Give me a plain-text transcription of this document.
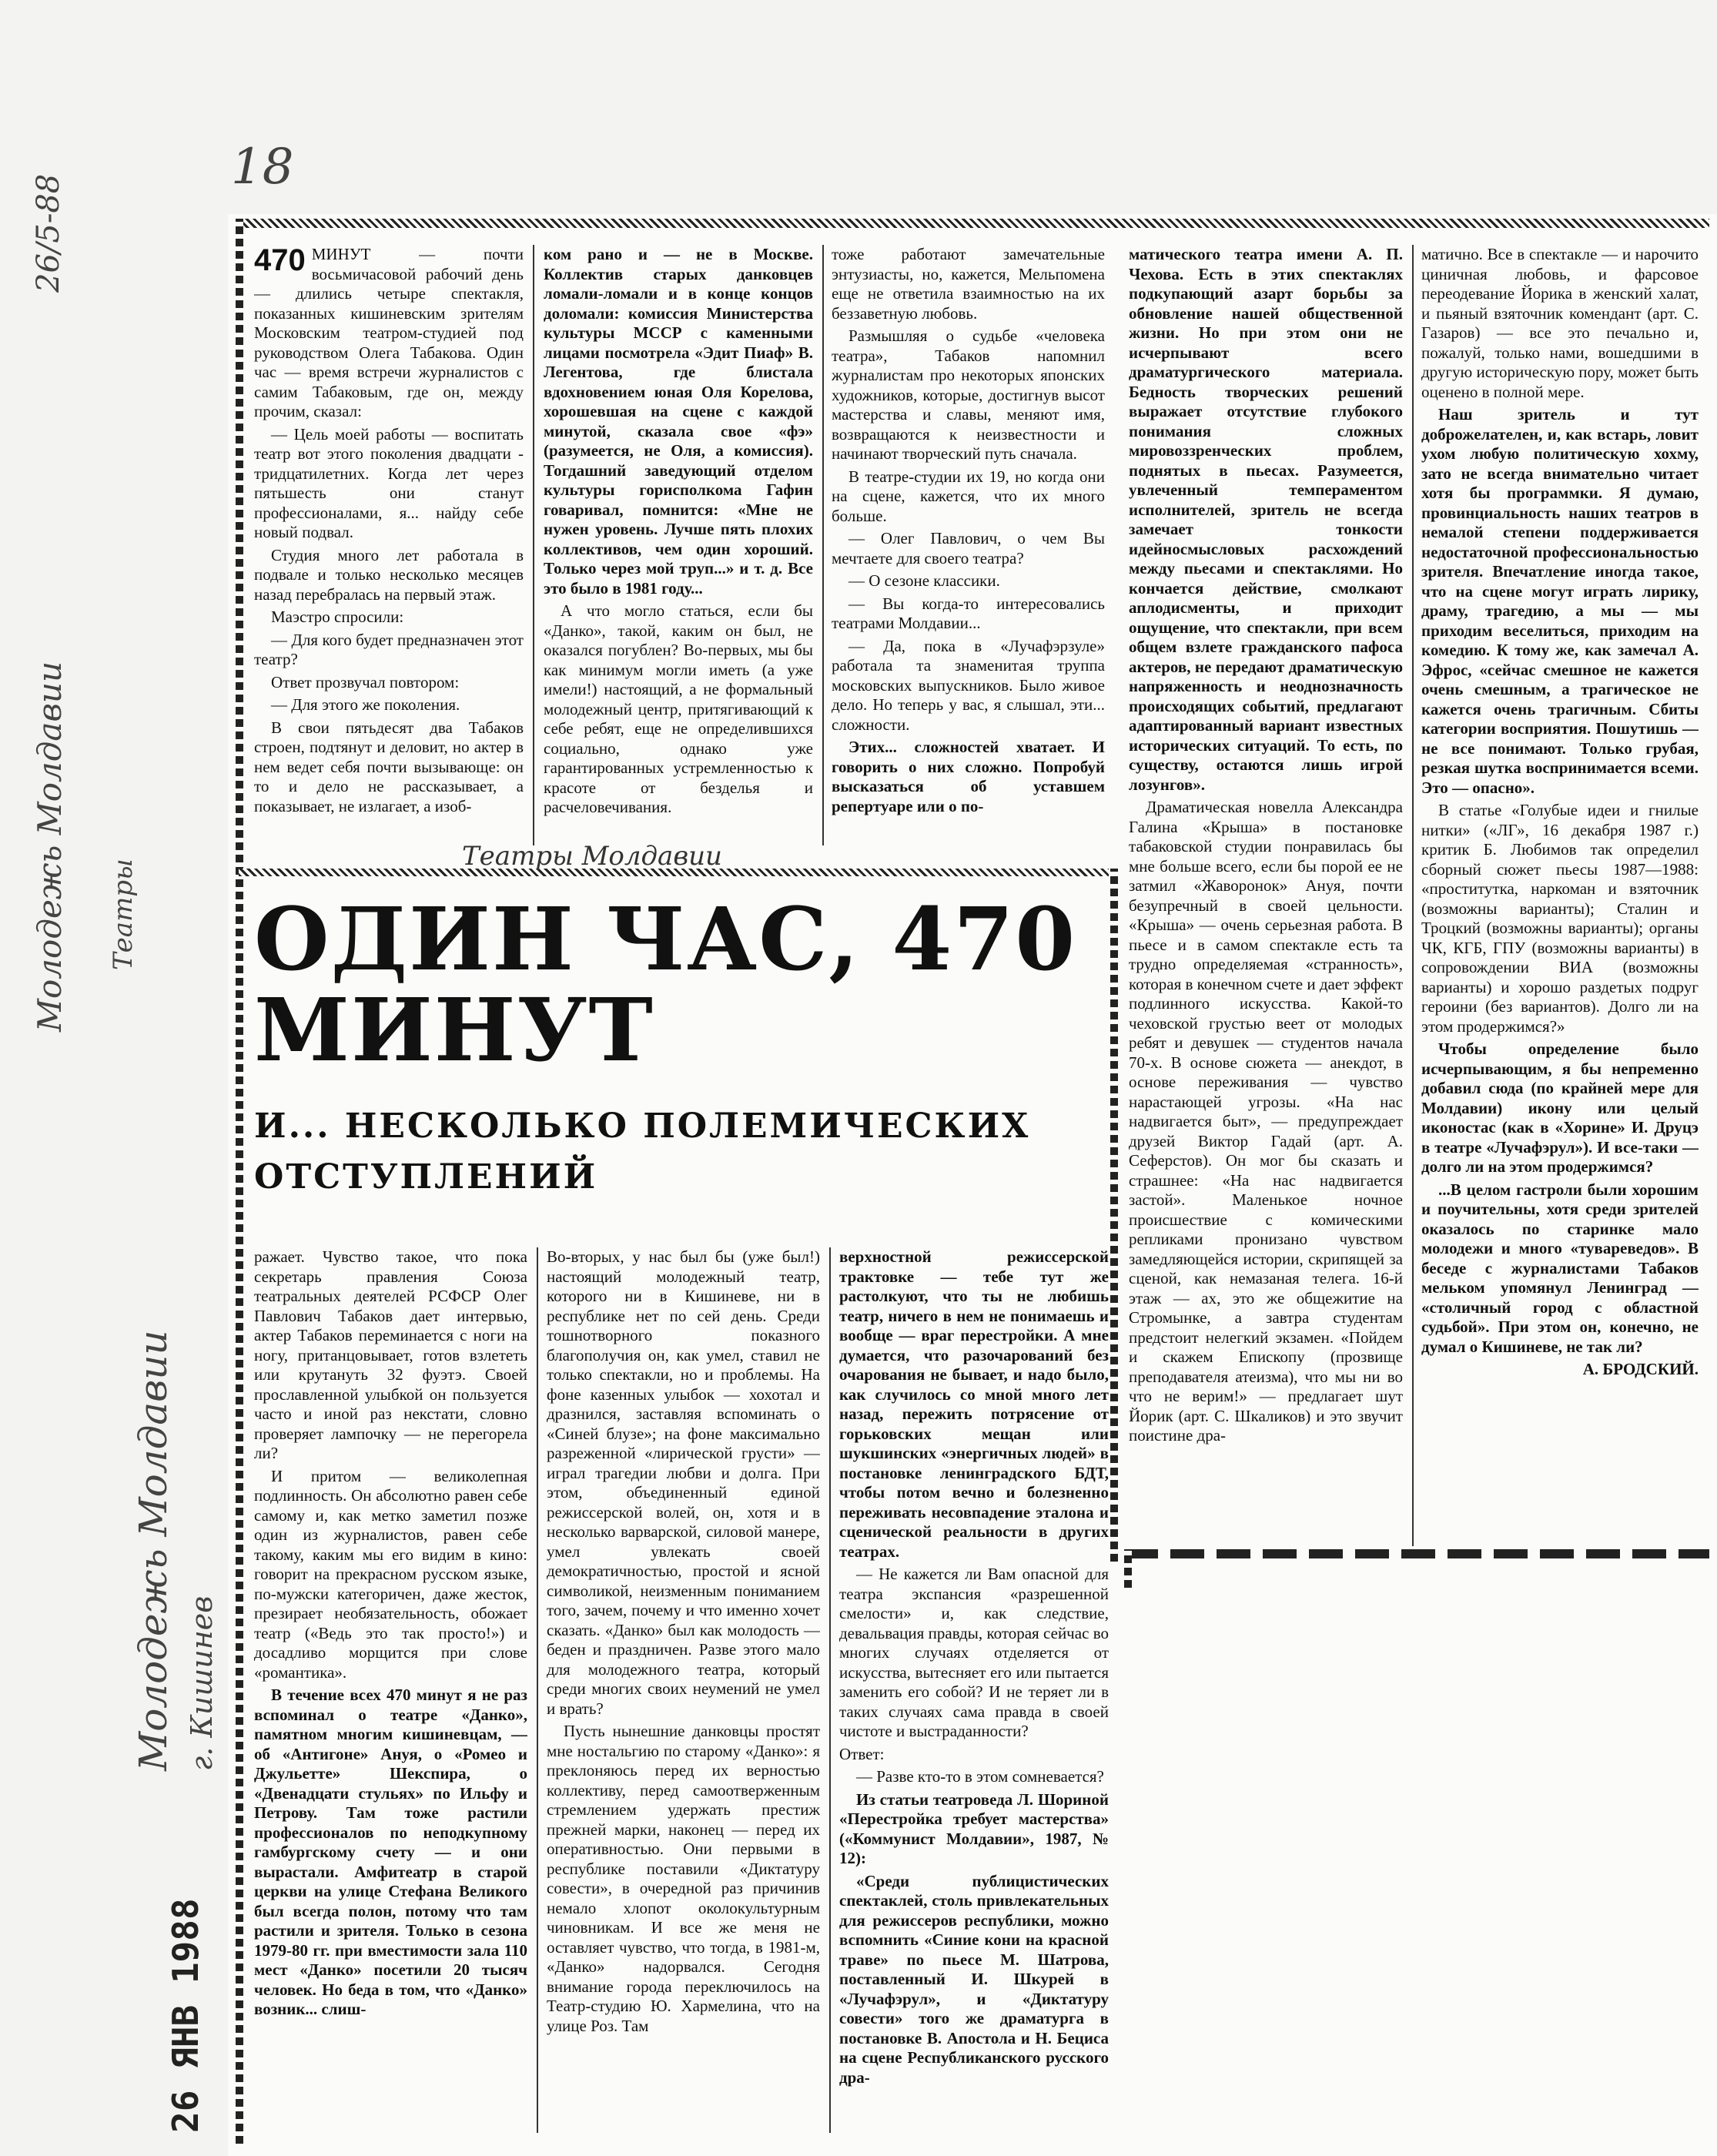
26/5-88
18
Молодежь Молдавии Театры
Молодежь Молдавии г. Кишинев
26 ЯНВ 1988
470 МИНУТ — почти восьмичасовой рабочий день — длились четыре спектакля, показанных кишиневским зрителям Московским театром-студией под руководством Олега Табакова. Один час — время встречи журналистов с самим Табаковым, где он, между прочим, сказал:

— Цель моей работы — воспитать театр вот этого поколения двадцати - тридцатилетних. Когда лет через пятьшесть они станут профессионалами, я... найду себе новый подвал.

Студия много лет работала в подвале и только несколько месяцев назад перебралась на первый этаж.

Маэстро спросили:

— Для кого будет предназначен этот театр?

Ответ прозвучал повтором:

— Для этого же поколения.

В свои пятьдесят два Табаков строен, подтянут и деловит, но актер в нем ведет себя почти вызывающе: он то и дело не рассказывает, а показывает, не излагает, а изоб-

ком рано и — не в Москве. Коллектив старых данковцев ломали-ломали и в конце концов доломали: комиссия Министерства культуры МССР с каменными лицами посмотрела «Эдит Пиаф» В. Легентова, где блистала вдохновением юная Оля Корелова, хорошевшая на сцене с каждой минутой, сказала свое «фэ» (разумеется, не Оля, а комиссия). Тогдашний заведующий отделом культуры горисполкома Гафин говаривал, помнится: «Мне не нужен уровень. Лучше пять плохих коллективов, чем один хороший. Только через мой труп...» и т. д. Все это было в 1981 году...

А что могло статься, если бы «Данко», такой, каким он был, не оказался погублен? Во-первых, мы бы как минимум могли иметь (а уже имели!) настоящий, а не формальный молодежный центр, притягивающий к себе ребят, еще не определившихся социально, однако уже гарантированных устремленностью к красоте от безделья и расчеловечивания.

Театры Молдавии

тоже работают замечательные энтузиасты, но, кажется, Мельпомена еще не ответила взаимностью на их беззаветную любовь.

Размышляя о судьбе «человека театра», Табаков напомнил журналистам про некоторых японских художников, которые, достигнув высот мастерства и славы, меняют имя, возвращаются к неизвестности и начинают творческий путь сначала.

В театре-студии их 19, но когда они на сцене, кажется, что их много больше.

— Олег Павлович, о чем Вы мечтаете для своего театра?

— О сезоне классики.

— Вы когда-то интересовались театрами Молдавии...

— Да, пока в «Лучафэрзуле» работала та знаменитая труппа московских выпускников. Было живое дело. Но теперь у вас, я слышал, эти... сложности.

Этих... сложностей хватает. И говорить о них сложно. Попробуй высказаться об уставшем репертуаре или о по-

матического театра имени А. П. Чехова. Есть в этих спектаклях подкупающий азарт борьбы за обновление нашей общественной жизни. Но при этом они не исчерпывают всего драматургического материала. Бедность творческих решений выражает отсутствие глубокого понимания сложных мировоззренческих проблем, поднятых в пьесах. Разумеется, увлеченный темпераментом исполнителей, зритель не всегда замечает тонкости идейносмысловых расхождений между пьесами и спектаклями. Но кончается действие, смолкают аплодисменты, и приходит ощущение, что спектакли, при всем общем взлете гражданского пафоса актеров, не передают драматическую напряженность и неоднозначность происходящих событий, предлагают адаптированный вариант известных исторических ситуаций. То есть, по существу, остаются лишь игрой лозунгов».

Драматическая новелла Александра Галина «Крыша» в постановке табаковской студии понравилась бы мне больше всего, если бы порой ее не затмил «Жаворонок» Ануя, почти безупречный в своей цельности. «Крыша» — очень серьезная работа. В пьесе и в самом спектакле есть та трудно определяемая «странность», которая в конечном счете и дает эффект подлинного искусства. Какой-то чеховской грустью веет от молодых ребят и девушек — студентов начала 70-х. В основе сюжета — анекдот, в основе переживания — чувство нарастающей угрозы. «На нас надвигается быт», — предупреждает друзей Виктор Гадай (арт. А. Сеферстов). Он мог бы сказать и страшнее: «На нас надвигается застой». Маленькое ночное происшествие с комическими репликами пронизано чувством замедляющейся истории, скрипящей за сценой, как немазаная телега. 16-й этаж — ах, это же общежитие на Стромынке, а завтра студентам предстоит нелегкий экзамен. «Пойдем и скажем Епископу (прозвище преподавателя атеизма), что мы ни во что не верим!» — предлагает шут Йорик (арт. С. Шкаликов) и это звучит поистине дра-

матично. Все в спектакле — и нарочито циничная любовь, и фарсовое переодевание Йорика в женский халат, и пьяный взяточник комендант (арт. С. Газаров) — все это печально и, пожалуй, только нами, вошедшими в другую историческую пору, может быть оценено в полной мере.

Наш зритель и тут доброжелателен, и, как встарь, ловит ухом любую политическую хохму, зато не всегда внимательно читает хотя бы программки. Я думаю, провинциальность наших театров в немалой степени поддерживается недостаточной профессиональностью зрителя. Впечатление иногда такое, что на сцене могут играть лирику, драму, трагедию, а мы — мы приходим веселиться, приходим на комедию. К тому же, как замечал А. Эфрос, «сейчас смешное не кажется очень смешным, а трагическое не кажется очень трагичным. Сбиты категории восприятия. Пошутишь — не все понимают. Только грубая, резкая шутка воспринимается всеми. Это — опасно».

В статье «Голубые идеи и гнилые нитки» («ЛГ», 16 декабря 1987 г.) критик Б. Любимов так определил сборный сюжет пьесы 1987—1988: «проститутка, наркоман и взяточник (возможны варианты); Сталин и Троцкий (возможны варианты); органы ЧК, КГБ, ГПУ (возможны варианты) в сопровождении ВИА (возможны варианты) и хорошо раздетых подруг героини (без вариантов). Долго ли на этом продержимся?»

Чтобы определение было исчерпывающим, я бы непременно добавил сюда (по крайней мере для Молдавии) икону или целый иконостас (как в «Хорине» И. Друцэ в театре «Лучафэрул»). И все-таки — долго ли на этом продержимся?

...В целом гастроли были хорошим и поучительны, хотя среди зрителей оказалось по старинке мало молодежи и много «тувареведов». В беседе с журналистами Табаков мельком упомянул Ленинград — «столичный город с областной судьбой». При этом он, конечно, не думал о Кишиневе, не так ли?

А. БРОДСКИЙ.

ОДИН ЧАС, 470 МИНУТ
И... НЕСКОЛЬКО ПОЛЕМИЧЕСКИХ ОТСТУПЛЕНИЙ

ражает. Чувство такое, что пока секретарь правления Союза театральных деятелей РСФСР Олег Павлович Табаков дает интервью, актер Табаков переминается с ноги на ногу, пританцовывает, готов взлететь или крутануть 32 фуэтэ. Своей прославленной улыбкой он пользуется часто и иной раз некстати, словно проверяет лампочку — не перегорела ли?

И притом — великолепная подлинность. Он абсолютно равен себе самому и, как метко заметил позже один из журналистов, равен себе такому, каким мы его видим в кино: говорит на прекрасном русском языке, по-мужски категоричен, даже жесток, презирает необязательность, обожает театр («Ведь это так просто!») и досадливо морщится при слове «романтика».

В течение всех 470 минут я не раз вспоминал о театре «Данко», памятном многим кишиневцам, — об «Антигоне» Ануя, о «Ромео и Джульетте» Шекспира, о «Двенадцати стульях» по Ильфу и Петрову. Там тоже растили профессионалов по неподкупному гамбургскому счету — и они вырастали. Амфитеатр в старой церкви на улице Стефана Великого был всегда полон, потому что там растили и зрителя. Только в сезона 1979-80 гг. при вместимости зала 110 мест «Данко» посетили 20 тысяч человек. Но беда в том, что «Данко» возник... слиш-

Во-вторых, у нас был бы (уже был!) настоящий молодежный театр, которого ни в Кишиневе, ни в республике нет по сей день. Среди тошнотворного показного благополучия он, как умел, ставил не только спектакли, но и проблемы. На фоне казенных улыбок — хохотал и дразнился, заставляя вспоминать о «Синей блузе»; на фоне максимально разреженной «лирической грусти» — играл трагедии любви и долга. При этом, объединенный единой режиссерской волей, он, хотя и в несколько варварской, силовой манере, умел увлекать своей демократичностью, простой и ясной символикой, неизменным пониманием того, зачем, почему и что именно хочет сказать. «Данко» был как молодость — беден и праздничен. Разве этого мало для молодежного театра, который среди многих своих неумений не умел и врать?

Пусть нынешние данковцы простят мне ностальгию по старому «Данко»: я преклоняюсь перед их верностью коллективу, перед самоотверженным стремлением удержать престиж прежней марки, наконец — перед их оперативностью. Они первыми в республике поставили «Диктатуру совести», в очередной раз причинив немало хлопот околокультурным чиновникам. И все же меня не оставляет чувство, что тогда, в 1981-м, «Данко» надорвался. Сегодня внимание города переключилось на Театр-студию Ю. Хармелина, что на улице Роз. Там

верхностной режиссерской трактовке — тебе тут же растолкуют, что ты не любишь театр, ничего в нем не понимаешь и вообще — враг перестройки. А мне думается, что разочарований без очарования не бывает, и надо было, как случилось со мной много лет назад, пережить потрясение от горьковских мещан или шукшинских «энергичных людей» в постановке ленинградского БДТ, чтобы потом вечно и болезненно переживать несовпадение эталона и сценической реальности в других театрах.

— Не кажется ли Вам опасной для театра экспансия «разрешенной смелости» и, как следствие, девальвация правды, которая сейчас во многих случаях отделяется от искусства, вытесняет его или пытается заменить его собой? И не теряет ли в таких случаях сама правда в своей чистоте и выстраданности?

Ответ:

— Разве кто-то в этом сомневается?

Из статьи театроведа Л. Шориной «Перестройка требует мастерства» («Коммунист Молдавии», 1987, № 12):

«Среди публицистических спектаклей, столь привлекательных для режиссеров республики, можно вспомнить «Синие кони на красной траве» по пьесе М. Шатрова, поставленный И. Шкурей в «Лучафэрул», и «Диктатуру совести» того же драматурга в постановке В. Апостола и Н. Бециса на сцене Республиканского русского дра-
